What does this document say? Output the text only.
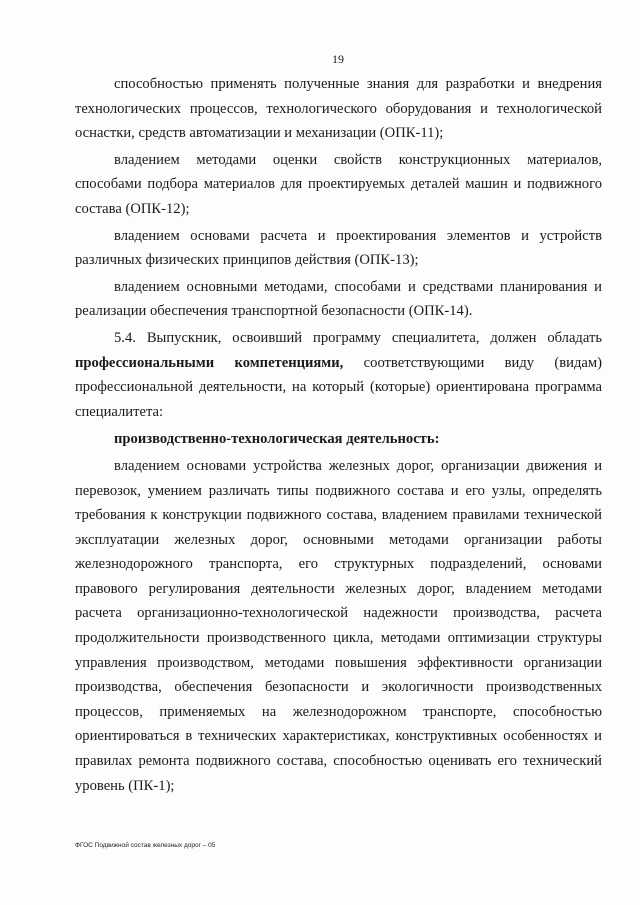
19

способностью применять полученные знания для разработки и внедрения технологических процессов, технологического оборудования и технологической оснастки, средств автоматизации и механизации (ОПК-11);

владением методами оценки свойств конструкционных материалов, способами подбора материалов для проектируемых деталей машин и подвижного состава (ОПК-12);

владением основами расчета и проектирования элементов и устройств различных физических принципов действия (ОПК-13);

владением основными методами, способами и средствами планирования и реализации обеспечения транспортной безопасности (ОПК-14).

5.4. Выпускник, освоивший программу специалитета, должен обладать профессиональными компетенциями, соответствующими виду (видам) профессиональной деятельности, на который (которые) ориентирована программа специалитета:

производственно-технологическая деятельность:

владением основами устройства железных дорог, организации движения и перевозок, умением различать типы подвижного состава и его узлы, определять требования к конструкции подвижного состава, владением правилами технической эксплуатации железных дорог, основными методами организации работы железнодорожного транспорта, его структурных подразделений, основами правового регулирования деятельности железных дорог, владением методами расчета организационно-технологической надежности производства, расчета продолжительности производственного цикла, методами оптимизации структуры управления производством, методами повышения эффективности организации производства, обеспечения безопасности и экологичности производственных процессов, применяемых на железнодорожном транспорте, способностью ориентироваться в технических характеристиках, конструктивных особенностях и правилах ремонта подвижного состава, способностью оценивать его технический уровень (ПК-1);

ФГОС Подвижной состав железных дорог – 05
